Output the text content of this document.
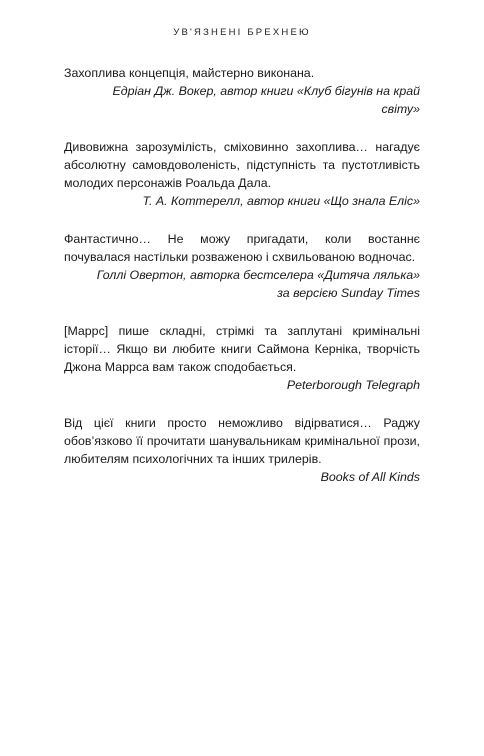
УВ'ЯЗНЕНІ БРЕХНЕЮ

Захоплива концепція, майстерно виконана.

Едріан Дж. Вокер, автор книги «Клуб бігунів на край

світу»

Дивовижна зарозумілість, сміховинно захоплива… нагадує абсолютну самовдоволеність, підступність та пустотливість молодих персонажів Роальда Дала.

Т. А. Коттерелл, автор книги «Що знала Еліс»

Фантастично… Не можу пригадати, коли востаннє почувалася настільки розваженою і схвильованою водночас.

Голлі Овертон, авторка бестселера «Дитяча лялька»

за версією Sunday Times

[Маррс] пише складні, стрімкі та заплутані кримінальні історії… Якщо ви любите книги Саймона Керніка, творчість Джона Маррса вам також сподобається.

Peterborough Telegraph

Від цієї книги просто неможливо відірватися… Раджу обов’язково її прочитати шанувальникам кримінальної прози, любителям психологічних та інших трилерів.

Books of All Kinds
